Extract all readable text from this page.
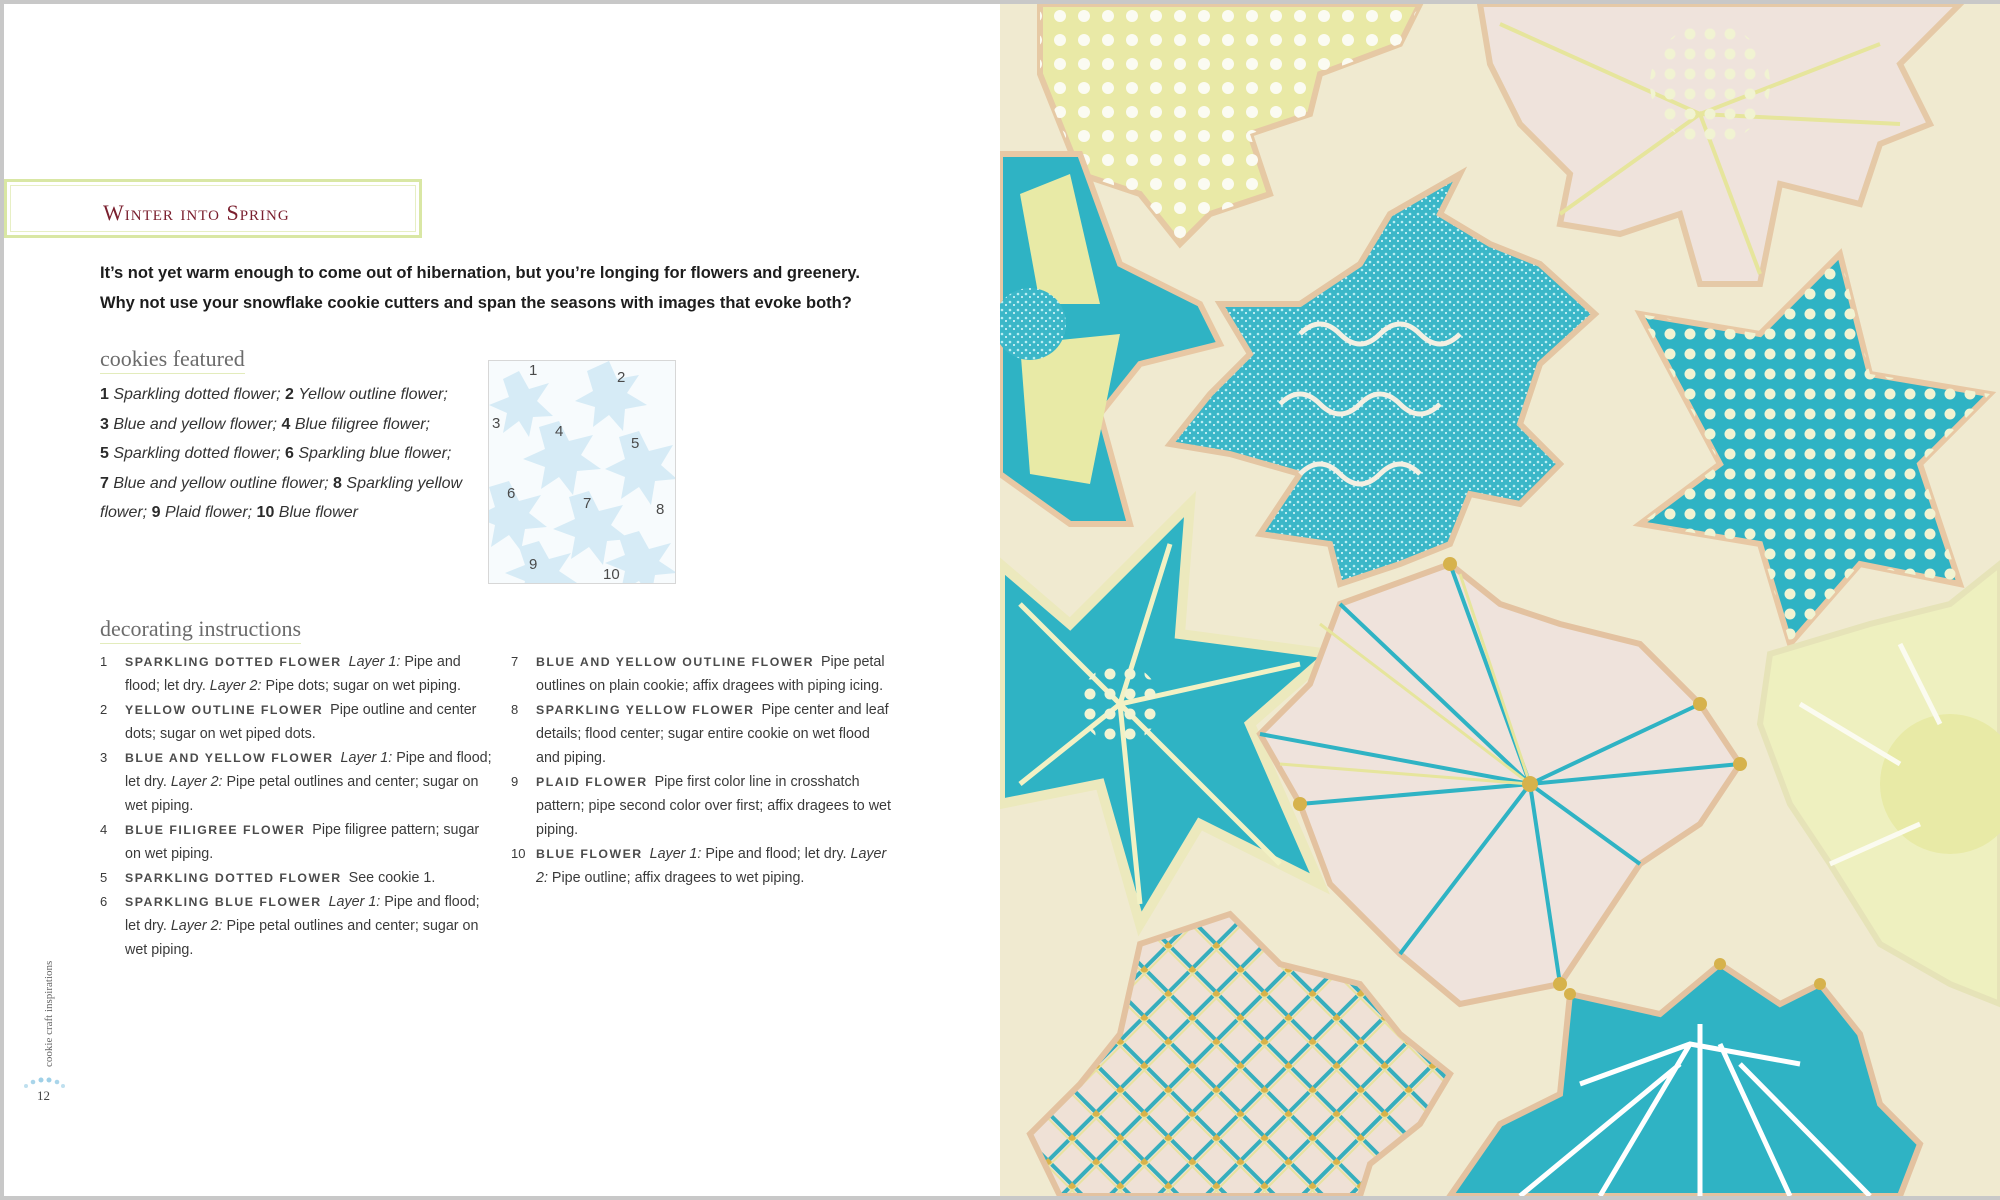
Winter into Spring

It’s not yet warm enough to come out of hibernation, but you’re longing for flowers and greenery. Why not use your snowflake cookie cutters and span the seasons with images that evoke both?

cookies featured

1 Sparkling dotted flower; 2 Yellow outline flower;
3 Blue and yellow flower; 4 Blue filigree flower;
5 Sparkling dotted flower; 6 Sparkling blue flower;
7 Blue and yellow outline flower; 8 Sparkling yellow flower; 9 Plaid flower; 10 Blue flower

1	2
3	4
5
6
7	8
9
10
decorating instructions
1 SPARKLING DOTTED FLOWER Layer 1: Pipe and flood; let dry. Layer 2: Pipe dots; sugar on wet piping.
2 YELLOW OUTLINE FLOWER Pipe outline and center dots; sugar on wet piped dots.
3 BLUE AND YELLOW FLOWER Layer 1: Pipe and flood; let dry. Layer 2: Pipe petal outlines and center; sugar on wet piping.
4 BLUE FILIGREE FLOWER Pipe filigree pattern; sugar on wet piping.
5 SPARKLING DOTTED FLOWER See cookie 1.
6 SPARKLING BLUE FLOWER Layer 1: Pipe and flood; let dry. Layer 2: Pipe petal outlines and center; sugar on wet piping.
7 BLUE AND YELLOW OUTLINE FLOWER Pipe petal outlines on plain cookie; affix dragees with piping icing.
8 SPARKLING YELLOW FLOWER Pipe center and leaf details; flood center; sugar entire cookie on wet flood and piping.
9 PLAID FLOWER Pipe first color line in crosshatch pattern; pipe second color over first; affix dragees to wet piping.
10 BLUE FLOWER Layer 1: Pipe and flood; let dry. Layer 2: Pipe outline; affix dragees to wet piping.
cookie craft inspirations
12
